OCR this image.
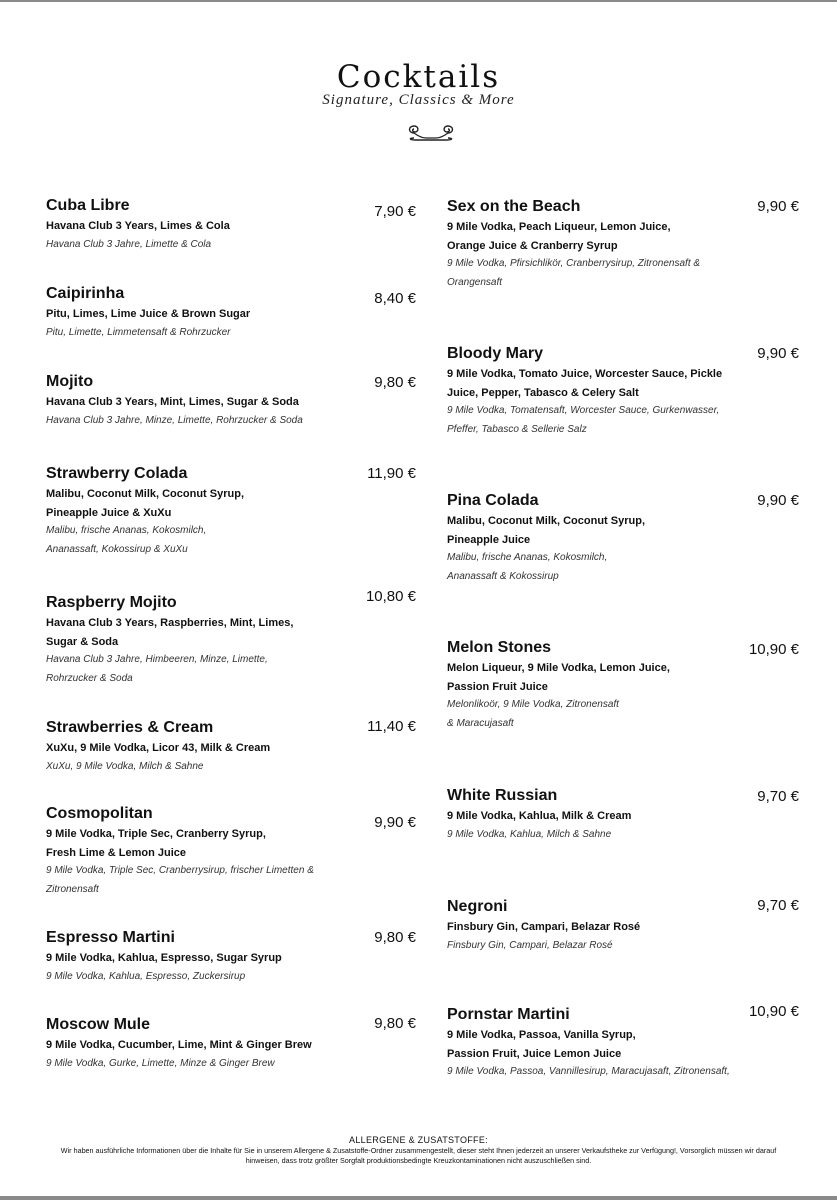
Cocktails
Signature, Classics & More
7,90 €
Cuba Libre
Havana Club 3 Years, Limes & Cola
Havana Club 3 Jahre, Limette & Cola
8,40 €
Caipirinha
Pitu, Limes, Lime Juice & Brown Sugar
Pitu, Limette, Limmetensaft & Rohrzucker
9,80 €
Mojito
Havana Club 3 Years, Mint, Limes, Sugar & Soda
Havana Club 3 Jahre, Minze, Limette, Rohrzucker & Soda
11,90 €
Strawberry Colada
Malibu, Coconut Milk, Coconut Syrup, Pineapple Juice & XuXu
Malibu, frische Ananas, Kokosmilch, Ananassaft, Kokossirup & XuXu
10,80 €
Raspberry Mojito
Havana Club 3 Years, Raspberries, Mint, Limes, Sugar & Soda
Havana Club 3 Jahre, Himbeeren, Minze, Limette, Rohrzucker & Soda
11,40 €
Strawberries & Cream
XuXu, 9 Mile Vodka, Licor 43, Milk & Cream
XuXu, 9 Mile Vodka, Milch & Sahne
9,90 €
Cosmopolitan
9 Mile Vodka, Triple Sec, Cranberry Syrup, Fresh Lime & Lemon Juice
9 Mile Vodka, Triple Sec, Cranberrysirup, frischer Limetten & Zitronensaft
9,80 €
Espresso Martini
9 Mile Vodka, Kahlua, Espresso, Sugar Syrup
9 Mile Vodka, Kahlua, Espresso, Zuckersirup
9,80 €
Moscow Mule
9 Mile Vodka, Cucumber, Lime, Mint & Ginger Brew
9 Mile Vodka, Gurke, Limette, Minze & Ginger Brew
9,90 €
Sex on the Beach
9 Mile Vodka, Peach Liqueur, Lemon Juice, Orange Juice & Cranberry Syrup
9 Mile Vodka, Pfirsichlikör, Cranberrysirup, Zitronensaft & Orangensaft
9,90 €
Bloody Mary
9 Mile Vodka, Tomato Juice, Worcester Sauce, Pickle Juice, Pepper, Tabasco & Celery Salt
9 Mile Vodka, Tomatensaft, Worcester Sauce, Gurkenwasser, Pfeffer, Tabasco & Sellerie Salz
9,90 €
Pina Colada
Malibu, Coconut Milk, Coconut Syrup, Pineapple Juice
Malibu, frische Ananas, Kokosmilch, Ananassaft & Kokossirup
10,90 €
Melon Stones
Melon Liqueur, 9 Mile Vodka, Lemon Juice, Passion Fruit Juice
Melonlikoör, 9 Mile Vodka, Zitronensaft & Maracujasaft
9,70 €
White Russian
9 Mile Vodka, Kahlua, Milk & Cream
9 Mile Vodka, Kahlua, Milch & Sahne
9,70 €
Negroni
Finsbury Gin, Campari, Belazar Rosé
Finsbury Gin, Campari, Belazar Rosé
10,90 €
Pornstar Martini
9 Mile Vodka, Passoa, Vanilla Syrup, Passion Fruit, Juice Lemon Juice
9 Mile Vodka, Passoa, Vannillesirup, Maracujasaft, Zitronensaft,
ALLERGENE & ZUSATSTOFFE:
Wir haben ausführliche Informationen über die Inhalte für Sie in unserem Allergene & Zusatstoffe-Ordner zusammengestellt, dieser steht Ihnen jederzeit an unserer Verkaufstheke zur Verfügung!, Vorsorglich müssen wir darauf hinweisen, dass trotz größter Sorgfalt produktionsbedingte Kreuzkontaminationen nicht auszuschließen sind.
